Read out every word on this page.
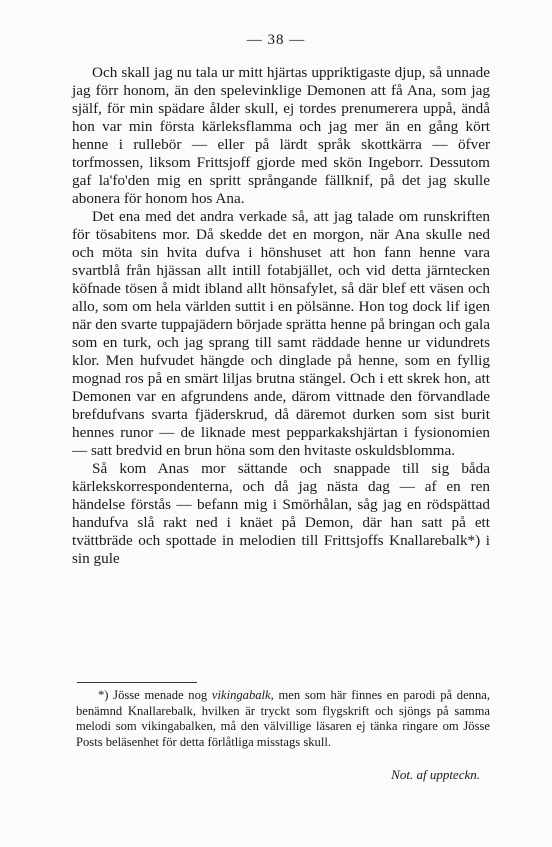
— 38 —

Och skall jag nu tala ur mitt hjärtas uppriktigaste djup, så unnade jag förr honom, än den spelevinklige Demonen att få Ana, som jag själf, för min spädare ålder skull, ej tordes prenumerera uppå, ändå hon var min första kärleksflamma och jag mer än en gång kört henne i rullebör — eller på lärdt språk skottkärra — öfver torfmossen, liksom Frittsjoff gjorde med skön Ingeborr. Dessutom gaf la'fo'den mig en spritt språngande fällknif, på det jag skulle abonera för honom hos Ana.

Det ena med det andra verkade så, att jag talade om runskriften för tösabitens mor. Då skedde det en morgon, när Ana skulle ned och möta sin hvita dufva i hönshuset att hon fann henne vara svartblå från hjässan allt intill fotabjället, och vid detta järntecken köfnade tösen å midt ibland allt hönsafylet, så där blef ett väsen och allo, som om hela världen suttit i en pölsänne. Hon tog dock lif igen när den svarte tuppajädern började sprätta henne på bringan och gala som en turk, och jag sprang till samt räddade henne ur vidundrets klor. Men hufvudet hängde och dinglade på henne, som en fyllig mognad ros på en smärt liljas brutna stängel. Och i ett skrek hon, att Demonen var en afgrundens ande, därom vittnade den förvandlade brefdufvans svarta fjäderskrud, då däremot durken som sist burit hennes runor — de liknade mest pepparkakshjärtan i fysionomien — satt bredvid en brun höna som den hvitaste oskuldsblomma.

Så kom Anas mor sättande och snappade till sig båda kärlekskorrespondenterna, och då jag nästa dag — af en ren händelse förstås — befann mig i Smörhålan, såg jag en rödspättad handufva slå rakt ned i knäet på Demon, där han satt på ett tvättbräde och spottade in melodien till Frittsjoffs Knallarebalk*) i sin gule

*) Jösse menade nog vikingabalk, men som här finnes en parodi på denna, benämnd Knallarebalk, hvilken är tryckt som flygskrift och sjöngs på samma melodi som vikingabalken, må den välvillige läsaren ej tänka ringare om Jösse Posts beläsenhet för detta förlåtliga misstags skull.

Not. af uppteckn.
